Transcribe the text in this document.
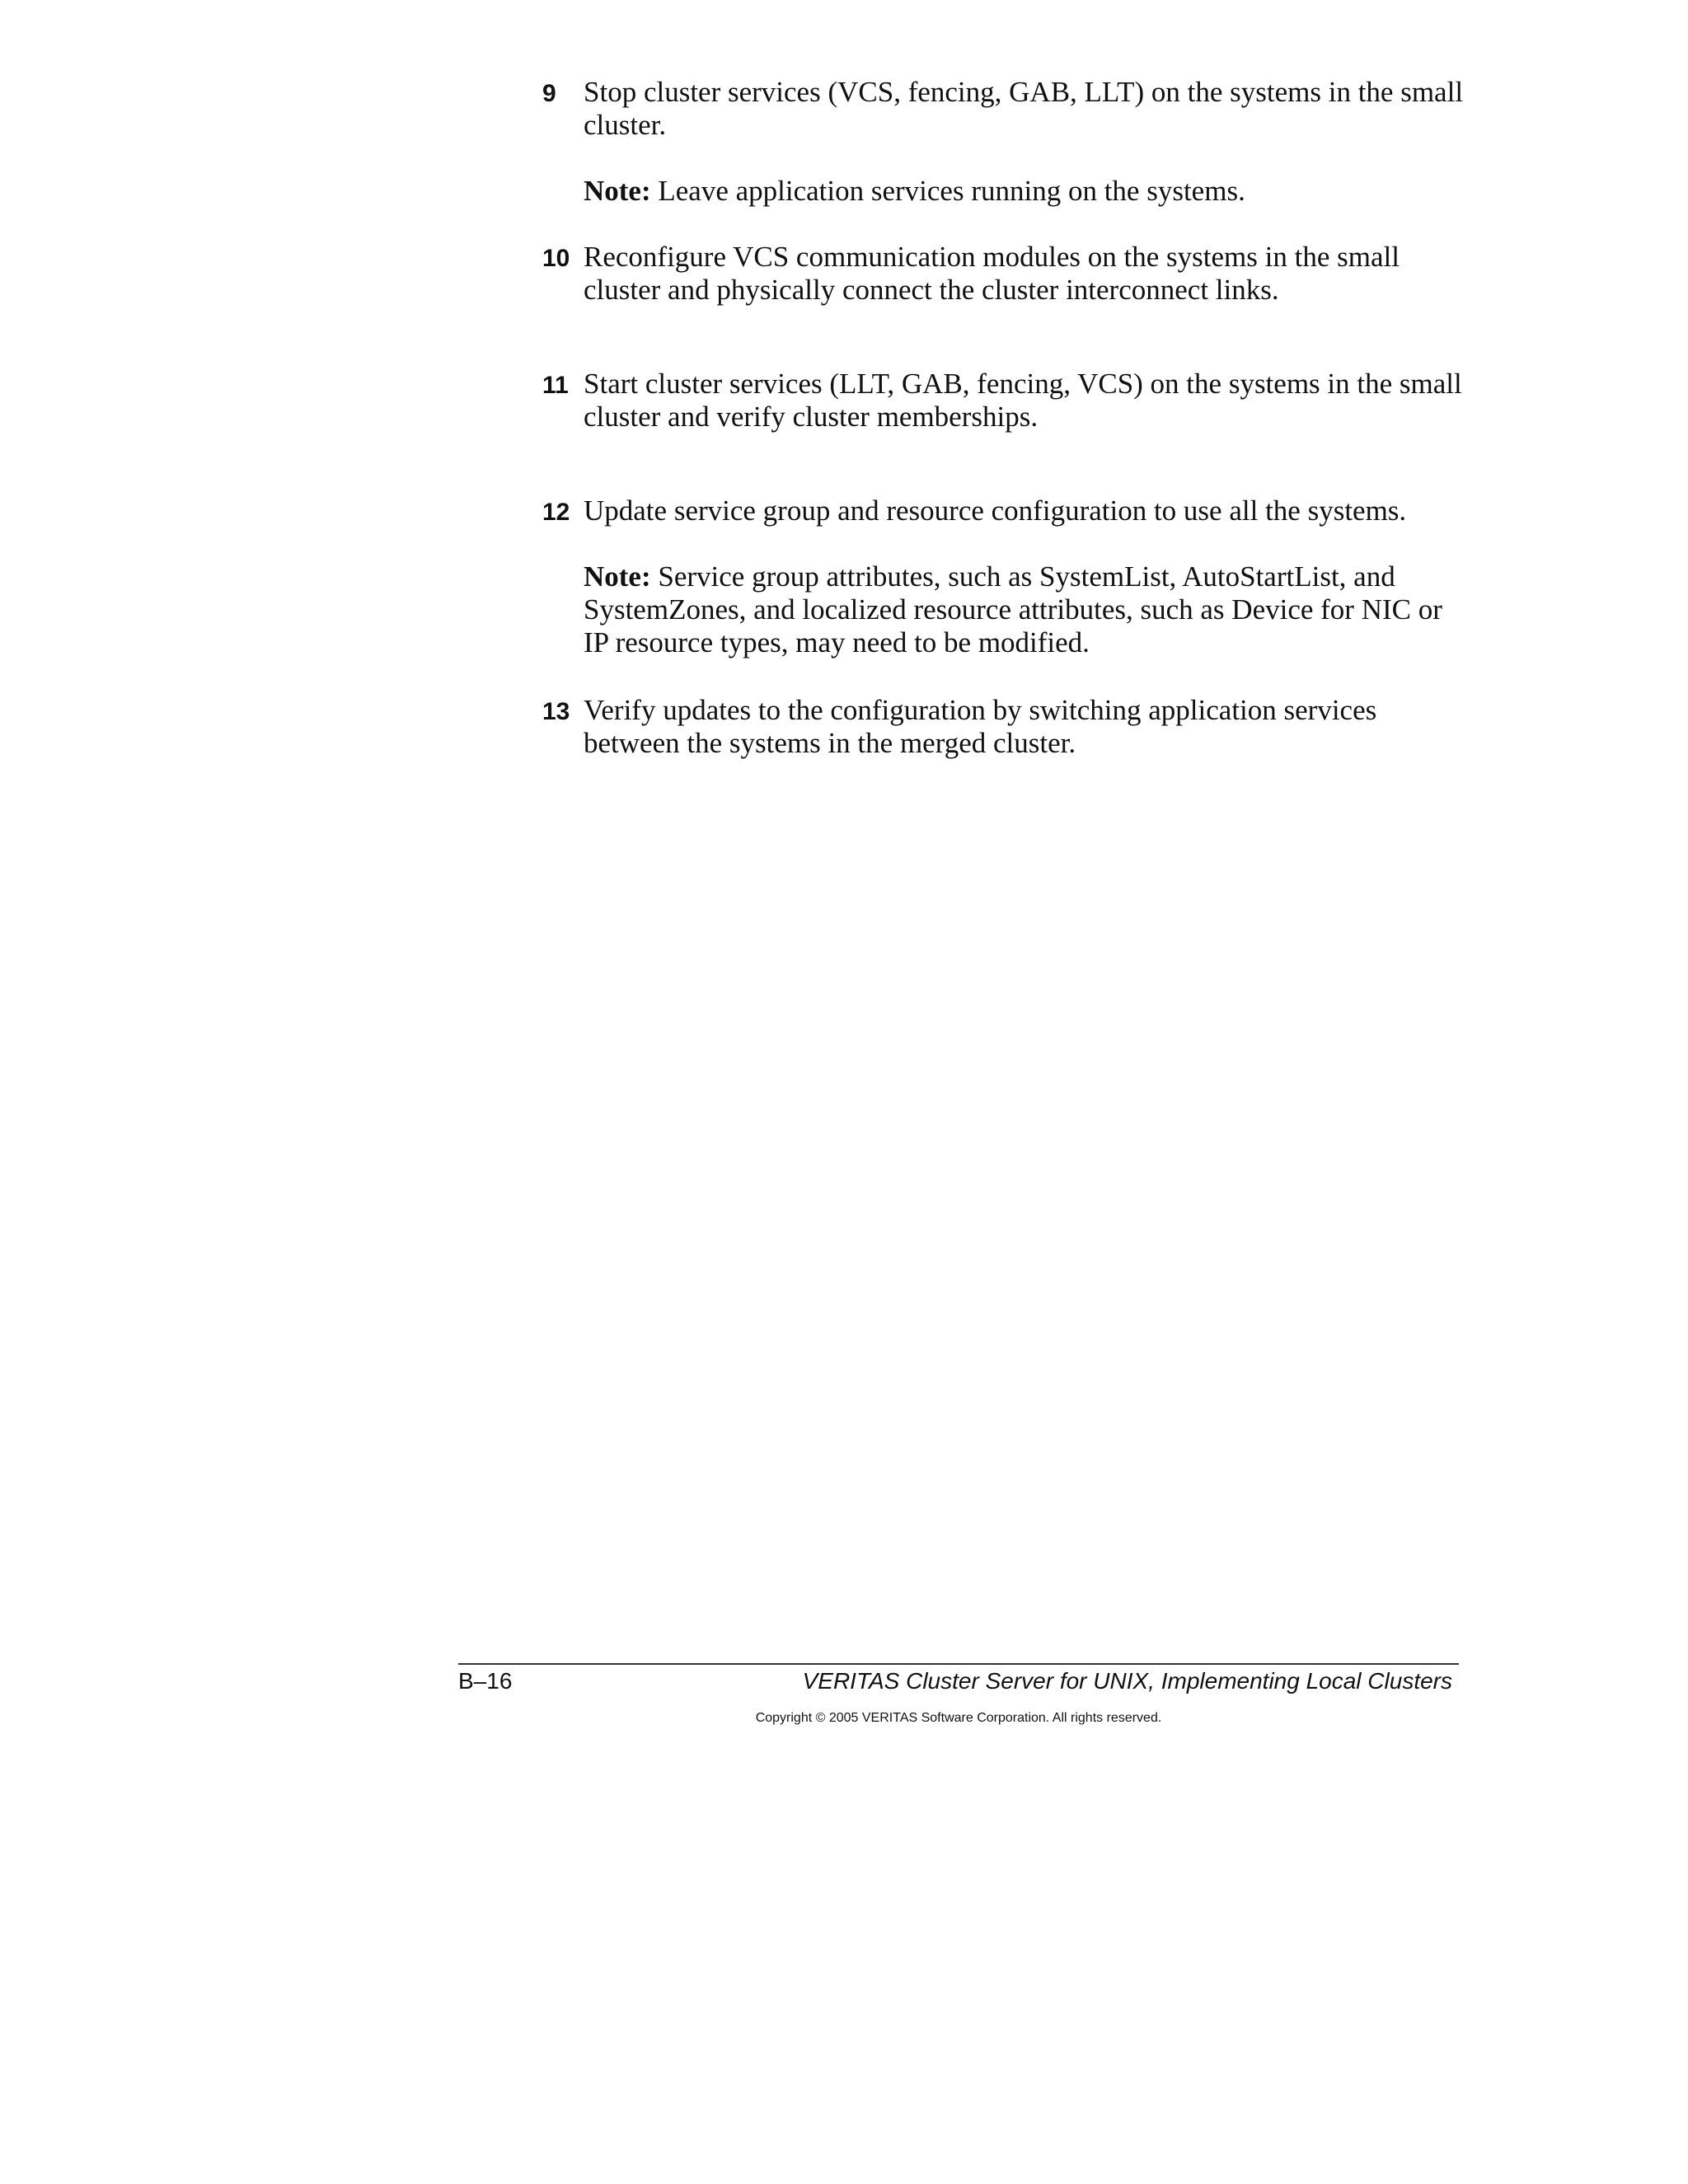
9 Stop cluster services (VCS, fencing, GAB, LLT) on the systems in the small cluster.
Note: Leave application services running on the systems.
10 Reconfigure VCS communication modules on the systems in the small cluster and physically connect the cluster interconnect links.
11 Start cluster services (LLT, GAB, fencing, VCS) on the systems in the small cluster and verify cluster memberships.
12 Update service group and resource configuration to use all the systems.
Note: Service group attributes, such as SystemList, AutoStartList, and SystemZones, and localized resource attributes, such as Device for NIC or IP resource types, may need to be modified.
13 Verify updates to the configuration by switching application services between the systems in the merged cluster.
B–16	VERITAS Cluster Server for UNIX, Implementing Local Clusters
Copyright © 2005 VERITAS Software Corporation. All rights reserved.
